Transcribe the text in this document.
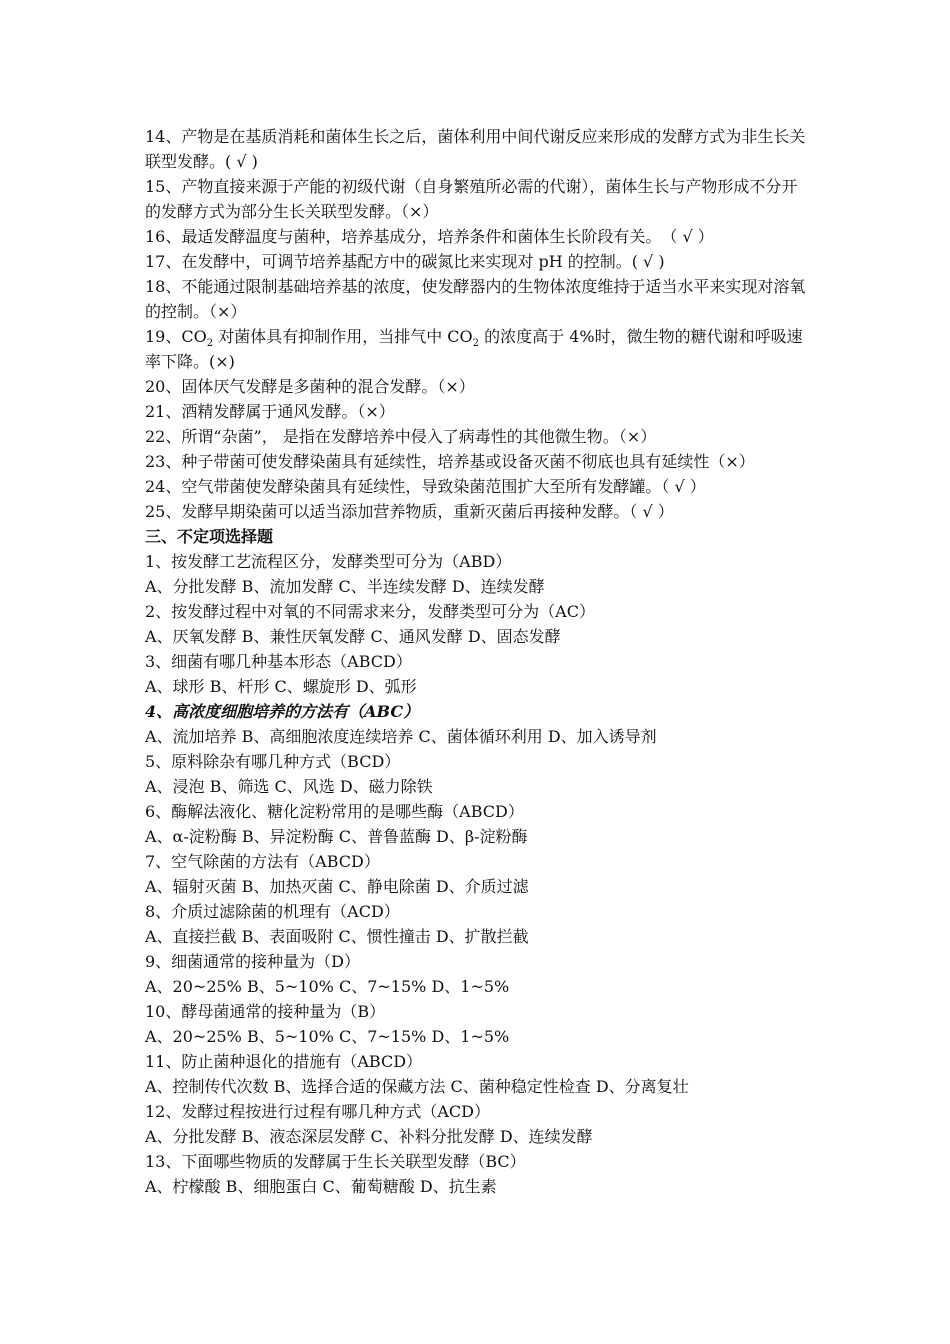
14、产物是在基质消耗和菌体生长之后，菌体利用中间代谢反应来形成的发酵方式为非生长关联型发酵。( √ )
15、产物直接来源于产能的初级代谢（自身繁殖所必需的代谢），菌体生长与产物形成不分开的发酵方式为部分生长关联型发酵。（×）
16、最适发酵温度与菌种，培养基成分，培养条件和菌体生长阶段有关。　（ √ ）
17、在发酵中，可调节培养基配方中的碳氮比来实现对 pH 的控制。( √ )
18、不能通过限制基础培养基的浓度，使发酵器内的生物体浓度维持于适当水平来实现对溶氧的控制。（×）
19、$CO_2$ 对菌体具有抑制作用，当排气中 $CO_2$ 的浓度高于 4%时，微生物的糖代谢和呼吸速率下降。(×)
20、固体厌气发酵是多菌种的混合发酵。（×）
21、酒精发酵属于通风发酵。（×）
22、所谓“杂菌”， 是指在发酵培养中侵入了病毒性的其他微生物。（×）
23、种子带菌可使发酵染菌具有延续性，培养基或设备灭菌不彻底也具有延续性（×）
24、空气带菌使发酵染菌具有延续性，导致染菌范围扩大至所有发酵罐。（ √ ）
25、发酵早期染菌可以适当添加营养物质，重新灭菌后再接种发酵。（ √ ）
三、不定项选择题
1、按发酵工艺流程区分，发酵类型可分为（ABD）
A、分批发酵 B、流加发酵 C、半连续发酵 D、连续发酵
2、按发酵过程中对氧的不同需求来分，发酵类型可分为（AC）
A、厌氧发酵 B、兼性厌氧发酵 C、通风发酵 D、固态发酵
3、细菌有哪几种基本形态（ABCD）
A、球形 B、杆形 C、螺旋形 D、弧形
4、高浓度细胞培养的方法有（ABC）
A、流加培养 B、高细胞浓度连续培养 C、菌体循环利用 D、加入诱导剂
5、原料除杂有哪几种方式（BCD）
A、浸泡 B、筛选 C、风选 D、磁力除铁
6、酶解法液化、糖化淀粉常用的是哪些酶（ABCD）
A、α-淀粉酶 B、异淀粉酶 C、普鲁蓝酶 D、β-淀粉酶
7、空气除菌的方法有（ABCD）
A、辐射灭菌 B、加热灭菌 C、静电除菌 D、介质过滤
8、介质过滤除菌的机理有（ACD）
A、直接拦截 B、表面吸附 C、惯性撞击 D、扩散拦截
9、细菌通常的接种量为（D）
A、20~25% B、5~10% C、7~15% D、1~5%
10、酵母菌通常的接种量为（B）
A、20~25% B、5~10% C、7~15% D、1~5%
11、防止菌种退化的措施有（ABCD）
A、控制传代次数 B、选择合适的保藏方法 C、菌种稳定性检查 D、分离复壮
12、发酵过程按进行过程有哪几种方式（ACD）
A、分批发酵 B、液态深层发酵 C、补料分批发酵 D、连续发酵
13、下面哪些物质的发酵属于生长关联型发酵（BC）
A、柠檬酸 B、细胞蛋白 C、葡萄糖酸 D、抗生素
